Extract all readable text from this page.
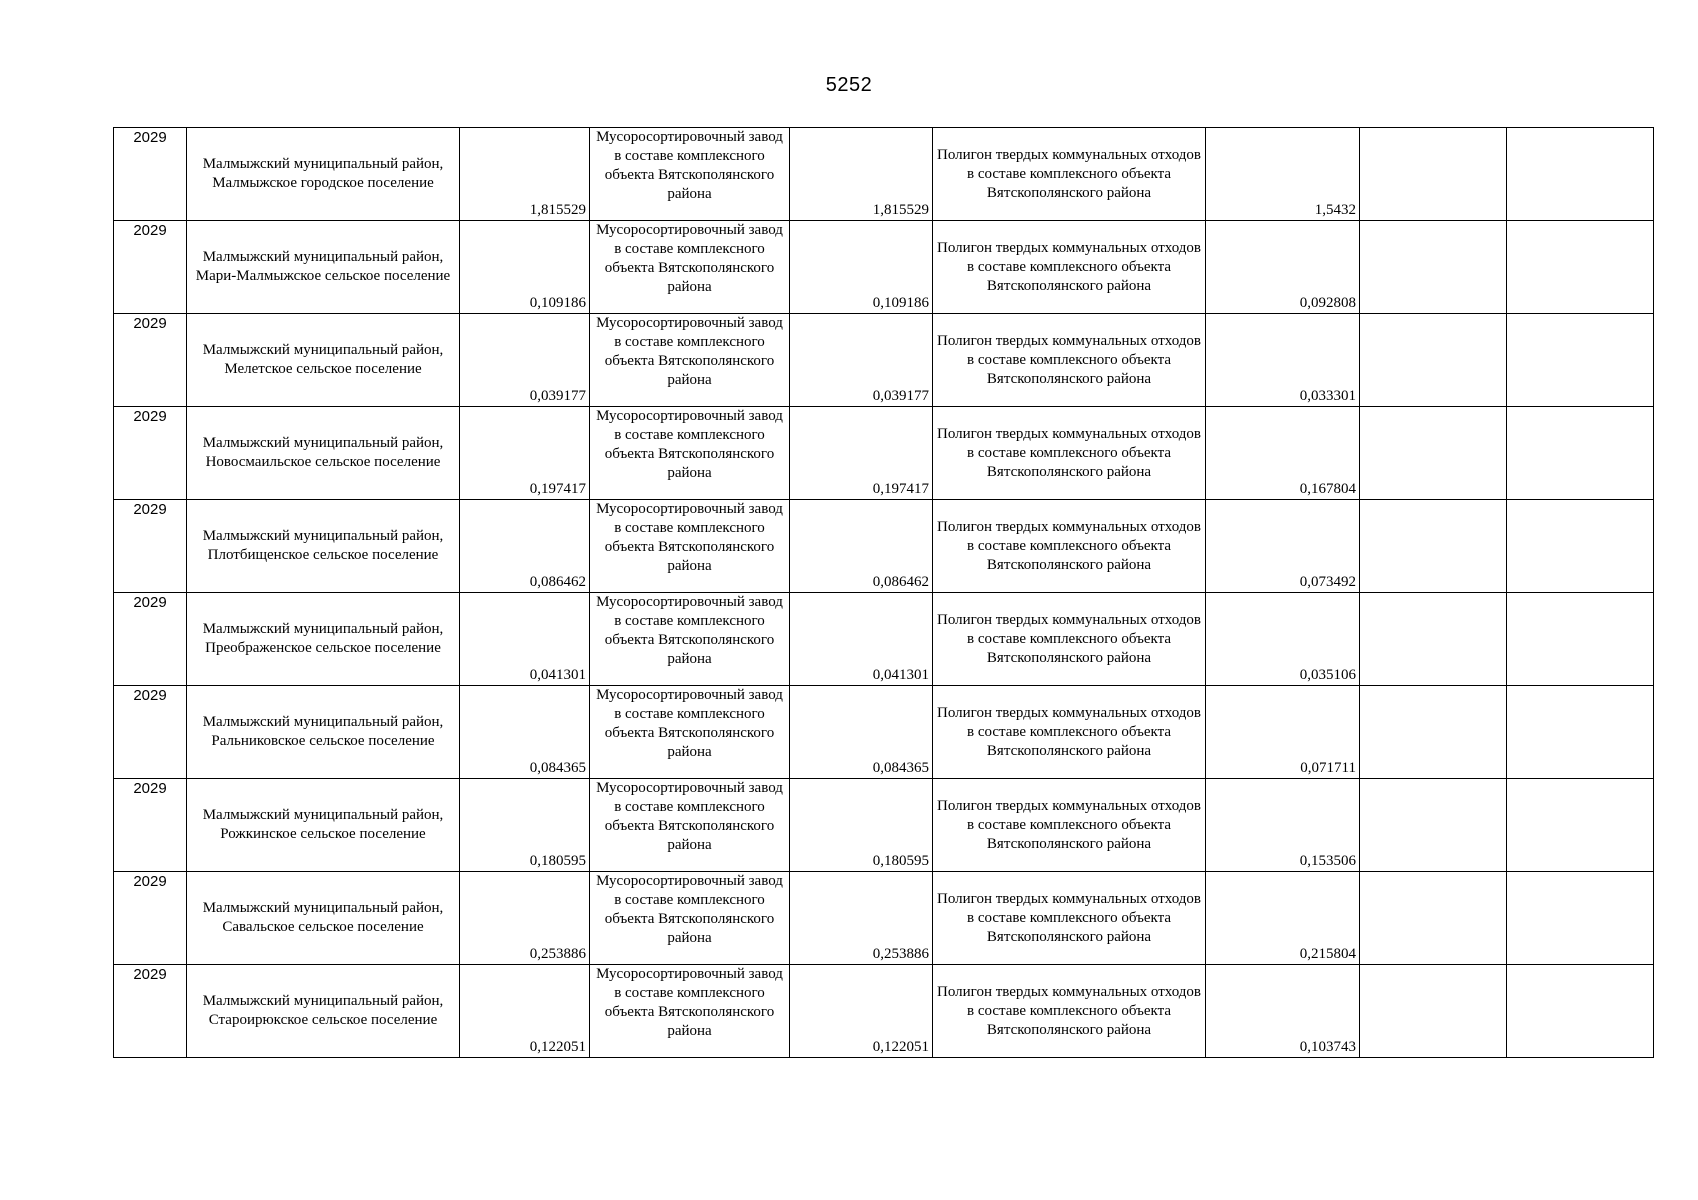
5252
2029	Малмыжский муниципальный район, Малмыжское городское поселение	1,815529	Мусоросортировочный завод в составе комплексного объекта Вятскополянского района	1,815529	Полигон твердых коммунальных отходов в составе комплексного объекта Вятскополянского района	1,5432		
2029	Малмыжский муниципальный район, Мари-Малмыжское сельское поселение	0,109186	Мусоросортировочный завод в составе комплексного объекта Вятскополянского района	0,109186	Полигон твердых коммунальных отходов в составе комплексного объекта Вятскополянского района	0,092808		
2029	Малмыжский муниципальный район, Мелетское сельское поселение	0,039177	Мусоросортировочный завод в составе комплексного объекта Вятскополянского района	0,039177	Полигон твердых коммунальных отходов в составе комплексного объекта Вятскополянского района	0,033301		
2029	Малмыжский муниципальный район, Новосмаильское сельское поселение	0,197417	Мусоросортировочный завод в составе комплексного объекта Вятскополянского района	0,197417	Полигон твердых коммунальных отходов в составе комплексного объекта Вятскополянского района	0,167804		
2029	Малмыжский муниципальный район, Плотбищенское сельское поселение	0,086462	Мусоросортировочный завод в составе комплексного объекта Вятскополянского района	0,086462	Полигон твердых коммунальных отходов в составе комплексного объекта Вятскополянского района	0,073492		
2029	Малмыжский муниципальный район, Преображенское сельское поселение	0,041301	Мусоросортировочный завод в составе комплексного объекта Вятскополянского района	0,041301	Полигон твердых коммунальных отходов в составе комплексного объекта Вятскополянского района	0,035106		
2029	Малмыжский муниципальный район, Ральниковское сельское поселение	0,084365	Мусоросортировочный завод в составе комплексного объекта Вятскополянского района	0,084365	Полигон твердых коммунальных отходов в составе комплексного объекта Вятскополянского района	0,071711		
2029	Малмыжский муниципальный район, Рожкинское сельское поселение	0,180595	Мусоросортировочный завод в составе комплексного объекта Вятскополянского района	0,180595	Полигон твердых коммунальных отходов в составе комплексного объекта Вятскополянского района	0,153506		
2029	Малмыжский муниципальный район, Савальское сельское поселение	0,253886	Мусоросортировочный завод в составе комплексного объекта Вятскополянского района	0,253886	Полигон твердых коммунальных отходов в составе комплексного объекта Вятскополянского района	0,215804		
2029	Малмыжский муниципальный район, Староирюкское сельское поселение	0,122051	Мусоросортировочный завод в составе комплексного объекта Вятскополянского района	0,122051	Полигон твердых коммунальных отходов в составе комплексного объекта Вятскополянского района	0,103743		
